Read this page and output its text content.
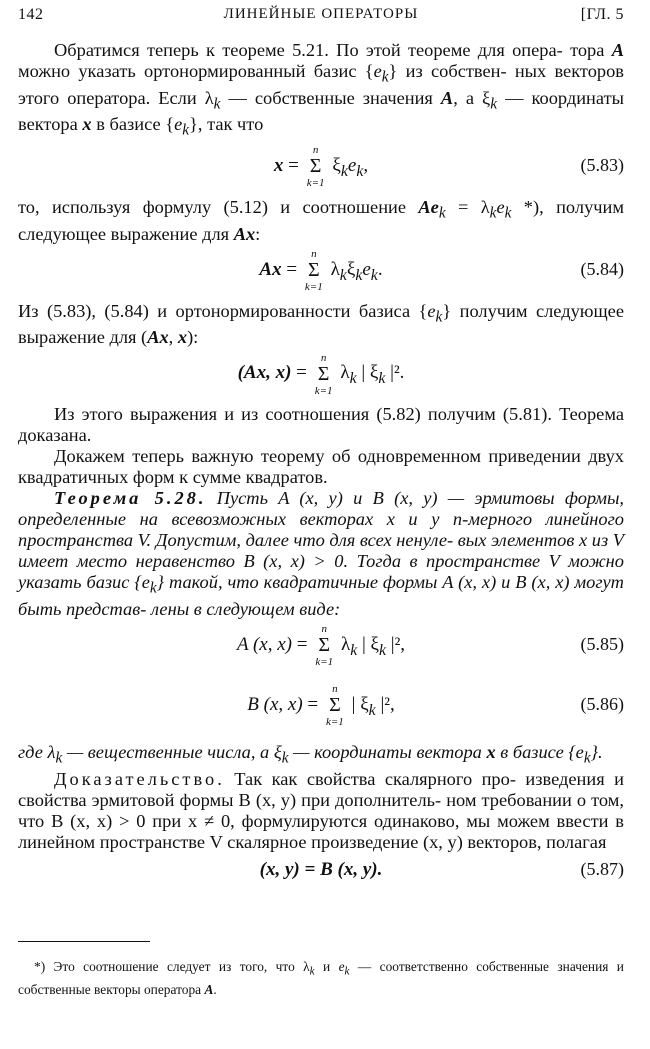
142	ЛИНЕЙНЫЕ ОПЕРАТОРЫ	[ГЛ. 5

Обратимся теперь к теореме 5.21. По этой теореме для опера- тора A можно указать ортонормированный базис $\{e_k\}$ из собствен- ных векторов этого оператора. Если $\lambda_k$ — собственные значения A, а $\xi_k$ — координаты вектора x в базисе $\{e_k\}$, так что

x =
n
Σ
k=1
$\xi_ke_k$,	(5.83)

то, используя формулу (5.12) и соотношение $Ae_k = \lambda_ke_k$ *), получим следующее выражение для Ax:

Ax =
n
Σ
k=1
$\lambda_k\xi_ke_k$.	(5.84)

Из (5.83), (5.84) и ортонормированности базиса $\{e_k\}$ получим следующее выражение для (Ax, x):

(Ax, x) =
n
Σ
k=1
$\lambda_k$ | $\xi_k$ |².

Из этого выражения и из соотношения (5.82) получим (5.81). Теорема доказана.

Докажем теперь важную теорему об одновременном приведении двух квадратичных форм к сумме квадратов.

Теорема 5.28. Пусть A (x, y) и B (x, y) — эрмитовы формы, определенные на всевозможных векторах x и y n-мерного линейного пространства V. Допустим, далее что для всех ненуле- вых элементов x из V имеет место неравенство B (x, x) > 0. Тогда в пространстве V можно указать базис $\{e_k\}$ такой, что квадратичные формы A (x, x) и B (x, x) могут быть представ- лены в следующем виде:

A (x, x) =
n
Σ
k=1
$\lambda_k$ | $\xi_k$ |²,	(5.85)
B (x, x) =
n
Σ
k=1
| $\xi_k$ |²,	(5.86)

где $\lambda_k$ — вещественные числа, а $\xi_k$ — координаты вектора x в базисе $\{e_k\}$.

Доказательство. Так как свойства скалярного про- изведения и свойства эрмитовой формы B (x, y) при дополнитель- ном требовании о том, что B (x, x) > 0 при x ≠ 0, формулируются одинаково, мы можем ввести в линейном пространстве V скалярное произведение (x, y) векторов, полагая

(x, y) = B (x, y).	(5.87)

*) Это соотношение следует из того, что $\lambda_k$ и $e_k$ — соответственно собственные значения и собственные векторы оператора A.
